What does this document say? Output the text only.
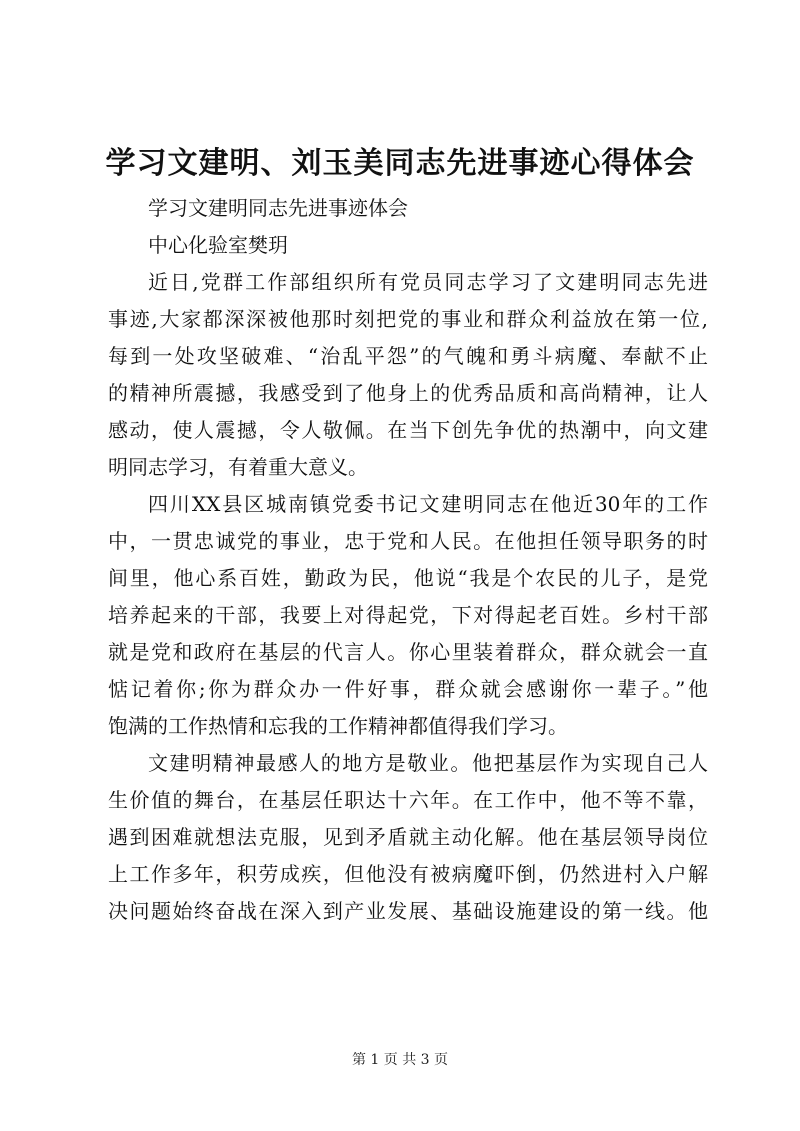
学习文建明、刘玉美同志先进事迹心得体会
学习文建明同志先进事迹体会
中心化验室樊玥
近日,党群工作部组织所有党员同志学习了文建明同志先进
事迹,大家都深深被他那时刻把党的事业和群众利益放在第一位,
每到一处攻坚破难、“治乱平怨”的气魄和勇斗病魔、奉献不止
的精神所震撼，我感受到了他身上的优秀品质和高尚精神，让人
感动，使人震撼，令人敬佩。在当下创先争优的热潮中，向文建
明同志学习，有着重大意义。
四川XX县区城南镇党委书记文建明同志在他近30年的工作
中，一贯忠诚党的事业，忠于党和人民。在他担任领导职务的时
间里，他心系百姓，勤政为民，他说“我是个农民的儿子，是党
培养起来的干部，我要上对得起党，下对得起老百姓。乡村干部
就是党和政府在基层的代言人。你心里装着群众，群众就会一直
惦记着你;你为群众办一件好事，群众就会感谢你一辈子。”他
饱满的工作热情和忘我的工作精神都值得我们学习。
文建明精神最感人的地方是敬业。他把基层作为实现自己人
生价值的舞台，在基层任职达十六年。在工作中，他不等不靠，
遇到困难就想法克服，见到矛盾就主动化解。他在基层领导岗位
上工作多年，积劳成疾，但他没有被病魔吓倒，仍然进村入户解
决问题始终奋战在深入到产业发展、基础设施建设的第一线。他
第 1 页 共 3 页
